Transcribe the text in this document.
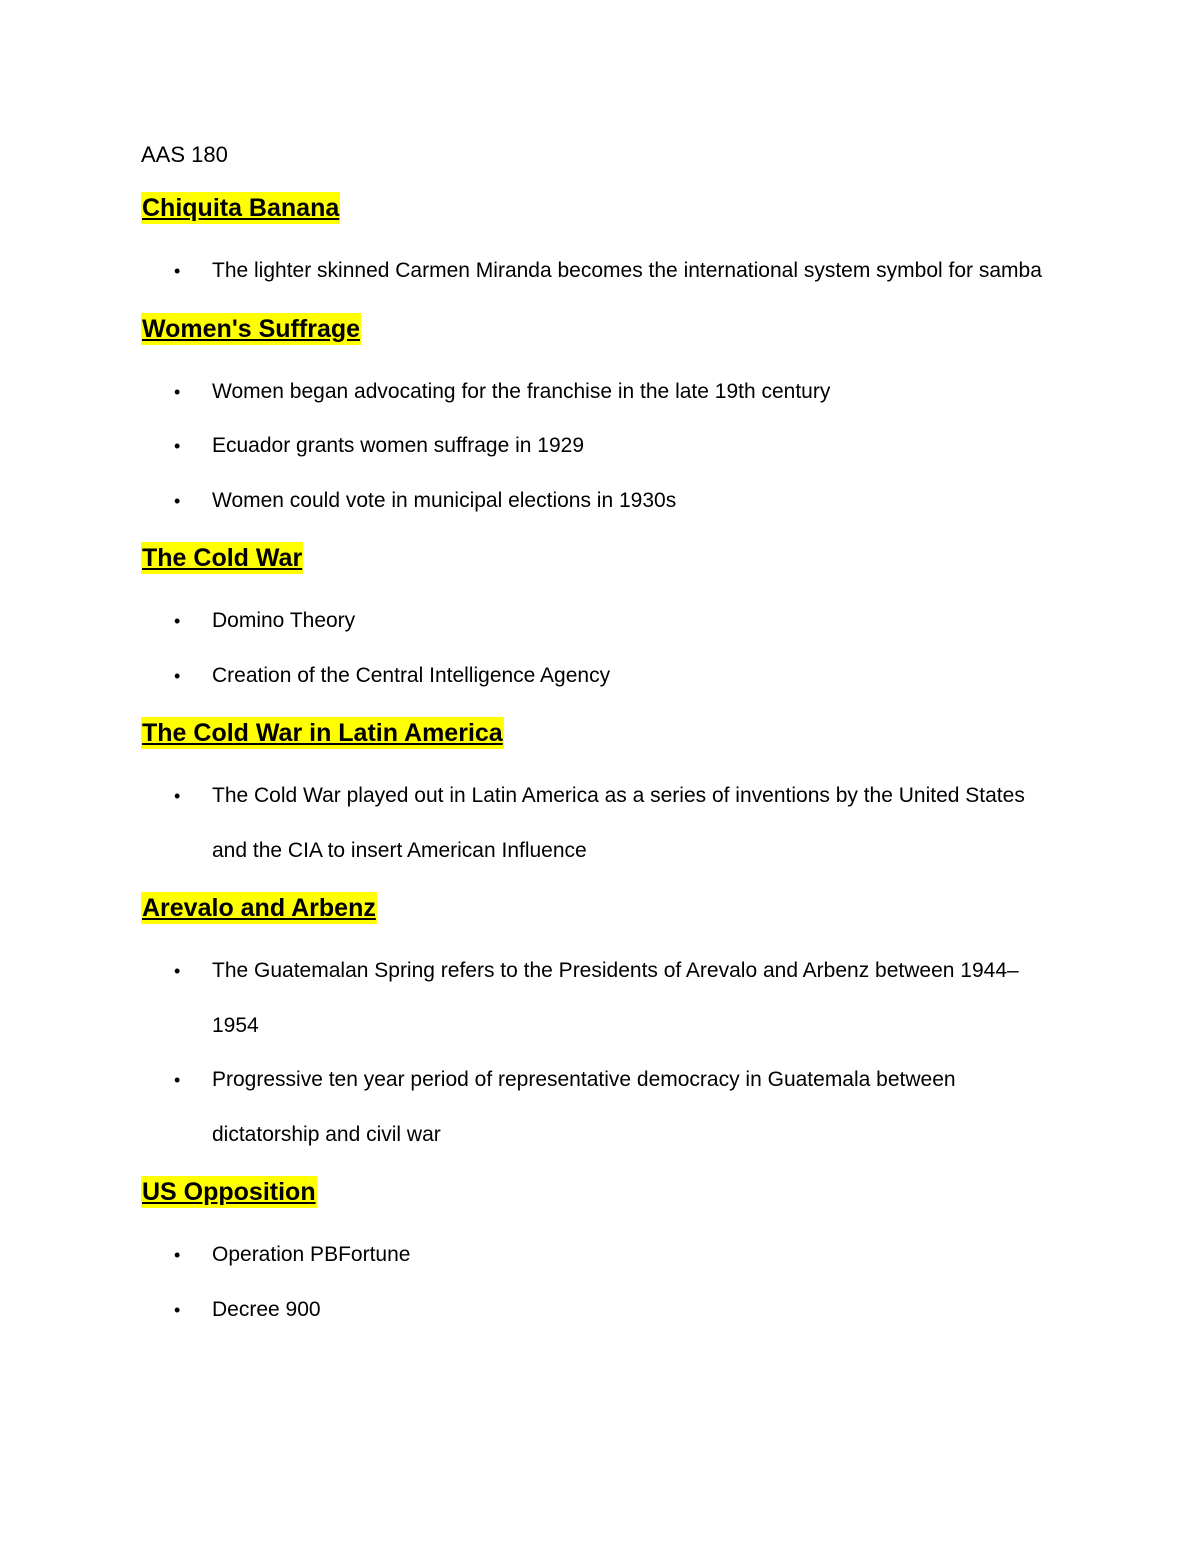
AAS 180
Chiquita Banana
• The lighter skinned Carmen Miranda becomes the international system symbol for samba
Women's Suffrage
• Women began advocating for the franchise in the late 19th century
• Ecuador grants women suffrage in 1929
• Women could vote in municipal elections in 1930s
The Cold War
• Domino Theory
• Creation of the Central Intelligence Agency
The Cold War in Latin America
• The Cold War played out in Latin America as a series of inventions by the United States and the CIA to insert American Influence
Arevalo and Arbenz
• The Guatemalan Spring refers to the Presidents of Arevalo and Arbenz between 1944–1954
• Progressive ten year period of representative democracy in Guatemala between dictatorship and civil war
US Opposition
• Operation PBFortune
• Decree 900
